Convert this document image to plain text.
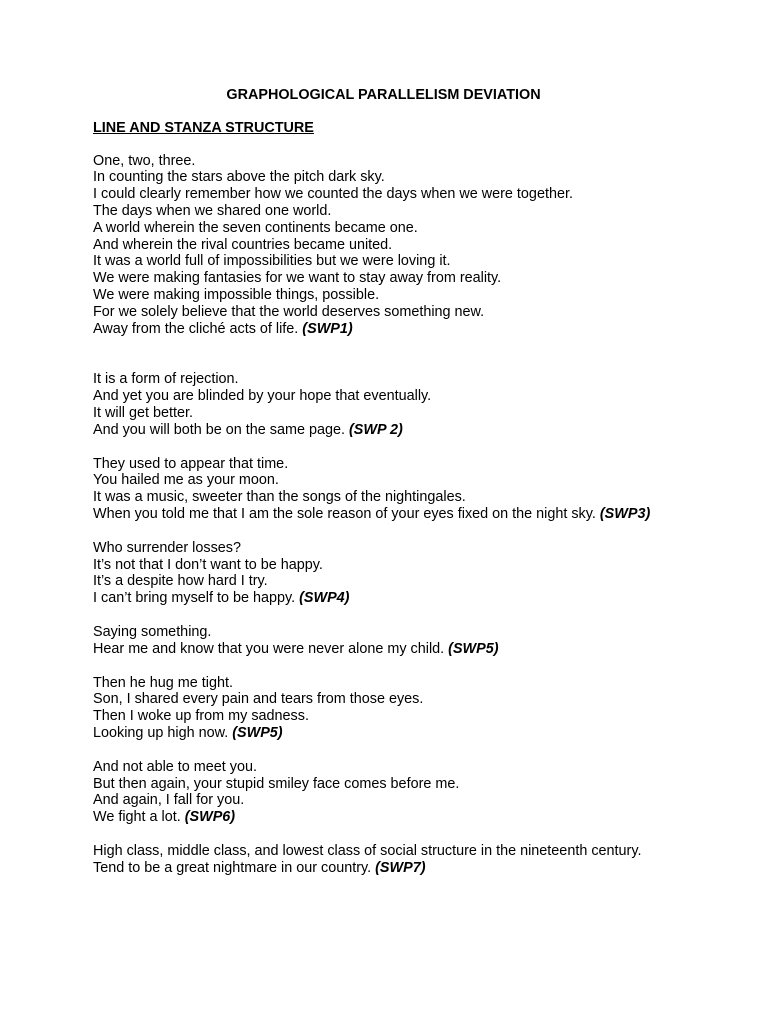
GRAPHOLOGICAL PARALLELISM DEVIATION
LINE AND STANZA STRUCTURE
One, two, three.
In counting the stars above the pitch dark sky.
I could clearly remember how we counted the days when we were together.
The days when we shared one world.
A world wherein the seven continents became one.
And wherein the rival countries became united.
It was a world full of impossibilities but we were loving it.
We were making fantasies for we want to stay away from reality.
We were making impossible things, possible.
For we solely believe that the world deserves something new.
Away from the cliché acts of life. (SWP1)
It is a form of rejection.
And yet you are blinded by your hope that eventually.
It will get better.
And you will both be on the same page. (SWP 2)
They used to appear that time.
You hailed me as your moon.
It was a music, sweeter than the songs of the nightingales.
When you told me that I am the sole reason of your eyes fixed on the night sky. (SWP3)
Who surrender losses?
It’s not that I don’t want to be happy.
It’s a despite how hard I try.
I can’t bring myself to be happy. (SWP4)
Saying something.
Hear me and know that you were never alone my child. (SWP5)
Then he hug me tight.
Son, I shared every pain and tears from those eyes.
Then I woke up from my sadness.
Looking up high now. (SWP5)
And not able to meet you.
But then again, your stupid smiley face comes before me.
And again, I fall for you.
We fight a lot. (SWP6)
High class, middle class, and lowest class of social structure in the nineteenth century.
Tend to be a great nightmare in our country. (SWP7)
